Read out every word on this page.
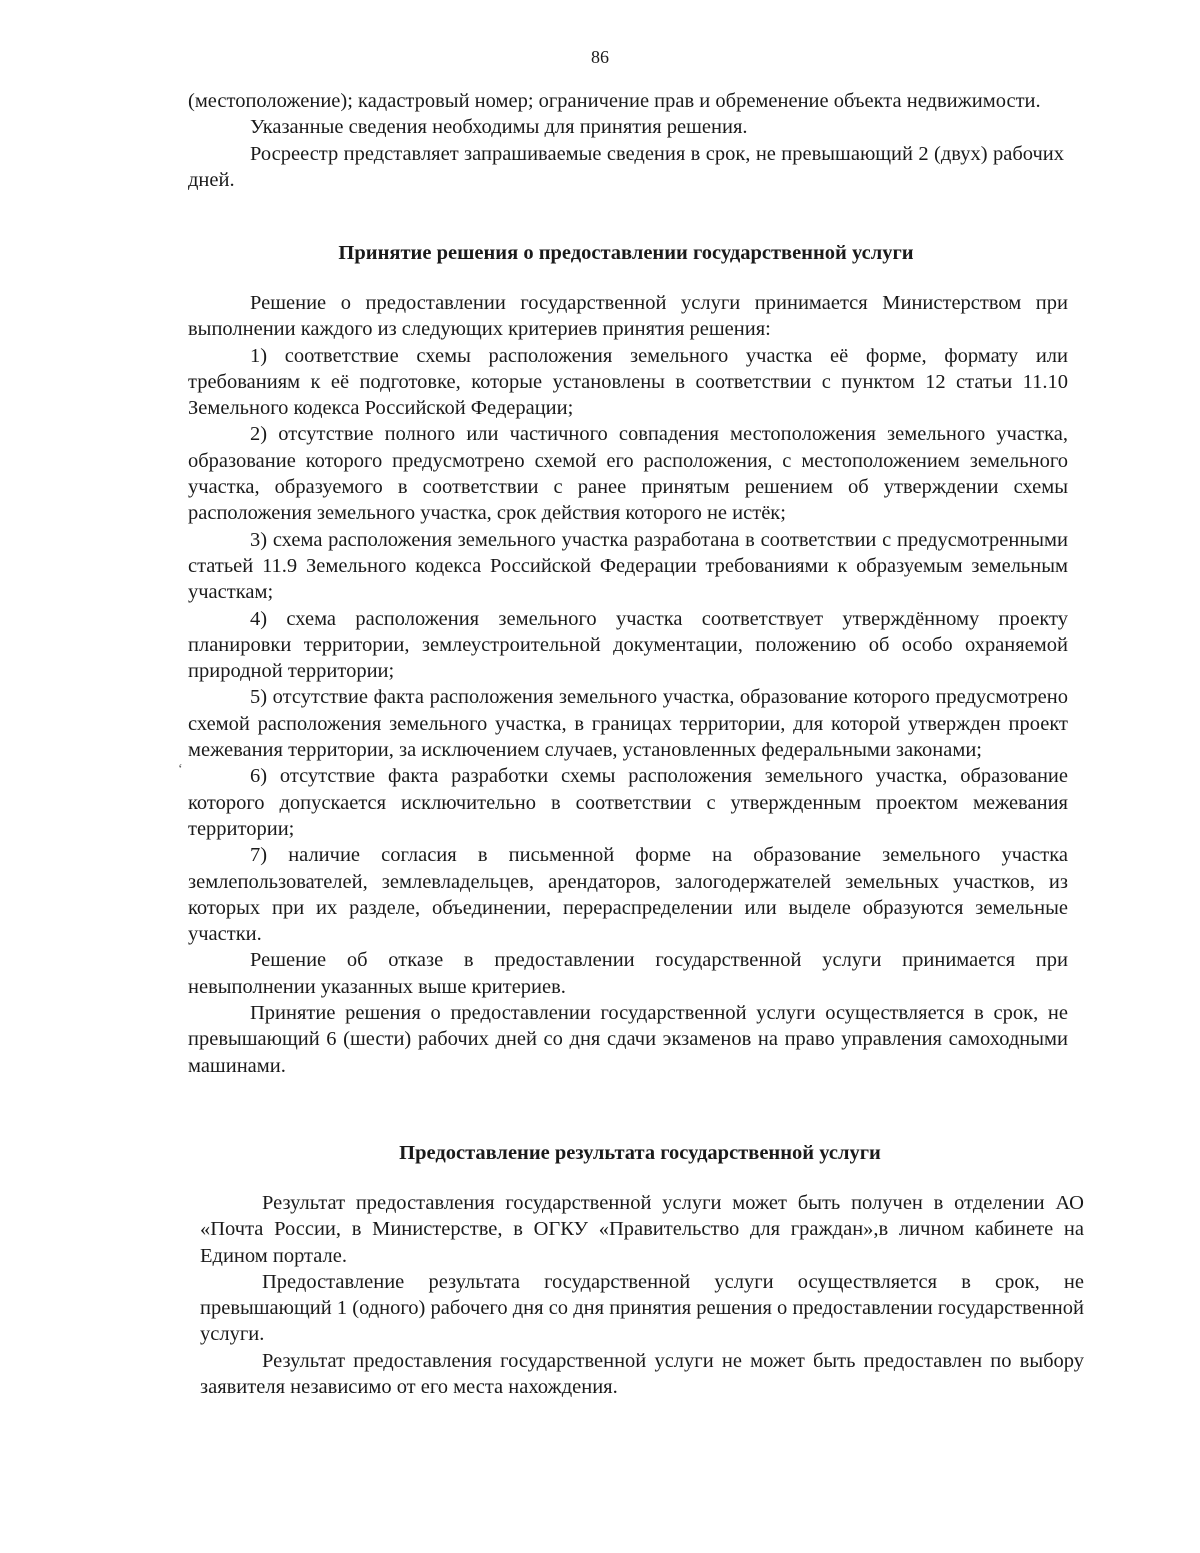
86

(местоположение); кадастровый номер; ограничение прав и обременение объекта недвижимости.

Указанные сведения необходимы для принятия решения.

Росреестр представляет запрашиваемые сведения в срок, не превышающий 2 (двух) рабочих дней.

Принятие решения о предоставлении государственной услуги

Решение о предоставлении государственной услуги принимается Министерством при выполнении каждого из следующих критериев принятия решения:

1) соответствие схемы расположения земельного участка её форме, формату или требованиям к её подготовке, которые установлены в соответствии с пунктом 12 статьи 11.10 Земельного кодекса Российской Федерации;

2) отсутствие полного или частичного совпадения местоположения земельного участка, образование которого предусмотрено схемой его расположения, с местоположением земельного участка, образуемого в соответствии с ранее принятым решением об утверждении схемы расположения земельного участка, срок действия которого не истёк;

3) схема расположения земельного участка разработана в соответствии с предусмотренными статьей 11.9 Земельного кодекса Российской Федерации требованиями к образуемым земельным участкам;

4) схема расположения земельного участка соответствует утверждённому проекту планировки территории, землеустроительной документации, положению об особо охраняемой природной территории;

5) отсутствие факта расположения земельного участка, образование которого предусмотрено схемой расположения земельного участка, в границах территории, для которой утвержден проект межевания территории, за исключением случаев, установленных федеральными законами;

6) отсутствие факта разработки схемы расположения земельного участка, образование которого допускается исключительно в соответствии с утвержденным проектом межевания территории;

7) наличие согласия в письменной форме на образование земельного участка землепользователей, землевладельцев, арендаторов, залогодержателей земельных участков, из которых при их разделе, объединении, перераспределении или выделе образуются земельные участки.

Решение об отказе в предоставлении государственной услуги принимается при невыполнении указанных выше критериев.

Принятие решения о предоставлении государственной услуги осуществляется в срок, не превышающий 6 (шести) рабочих дней со дня сдачи экзаменов на право управления самоходными машинами.

Предоставление результата государственной услуги

Результат предоставления государственной услуги может быть получен в отделении АО «Почта России, в Министерстве, в ОГКУ «Правительство для граждан»,в личном кабинете на Едином портале.

Предоставление результата государственной услуги осуществляется в срок, не превышающий 1 (одного) рабочего дня со дня принятия решения о предоставлении государственной услуги.

Результат предоставления государственной услуги не может быть предоставлен по выбору заявителя независимо от его места нахождения.

‘
